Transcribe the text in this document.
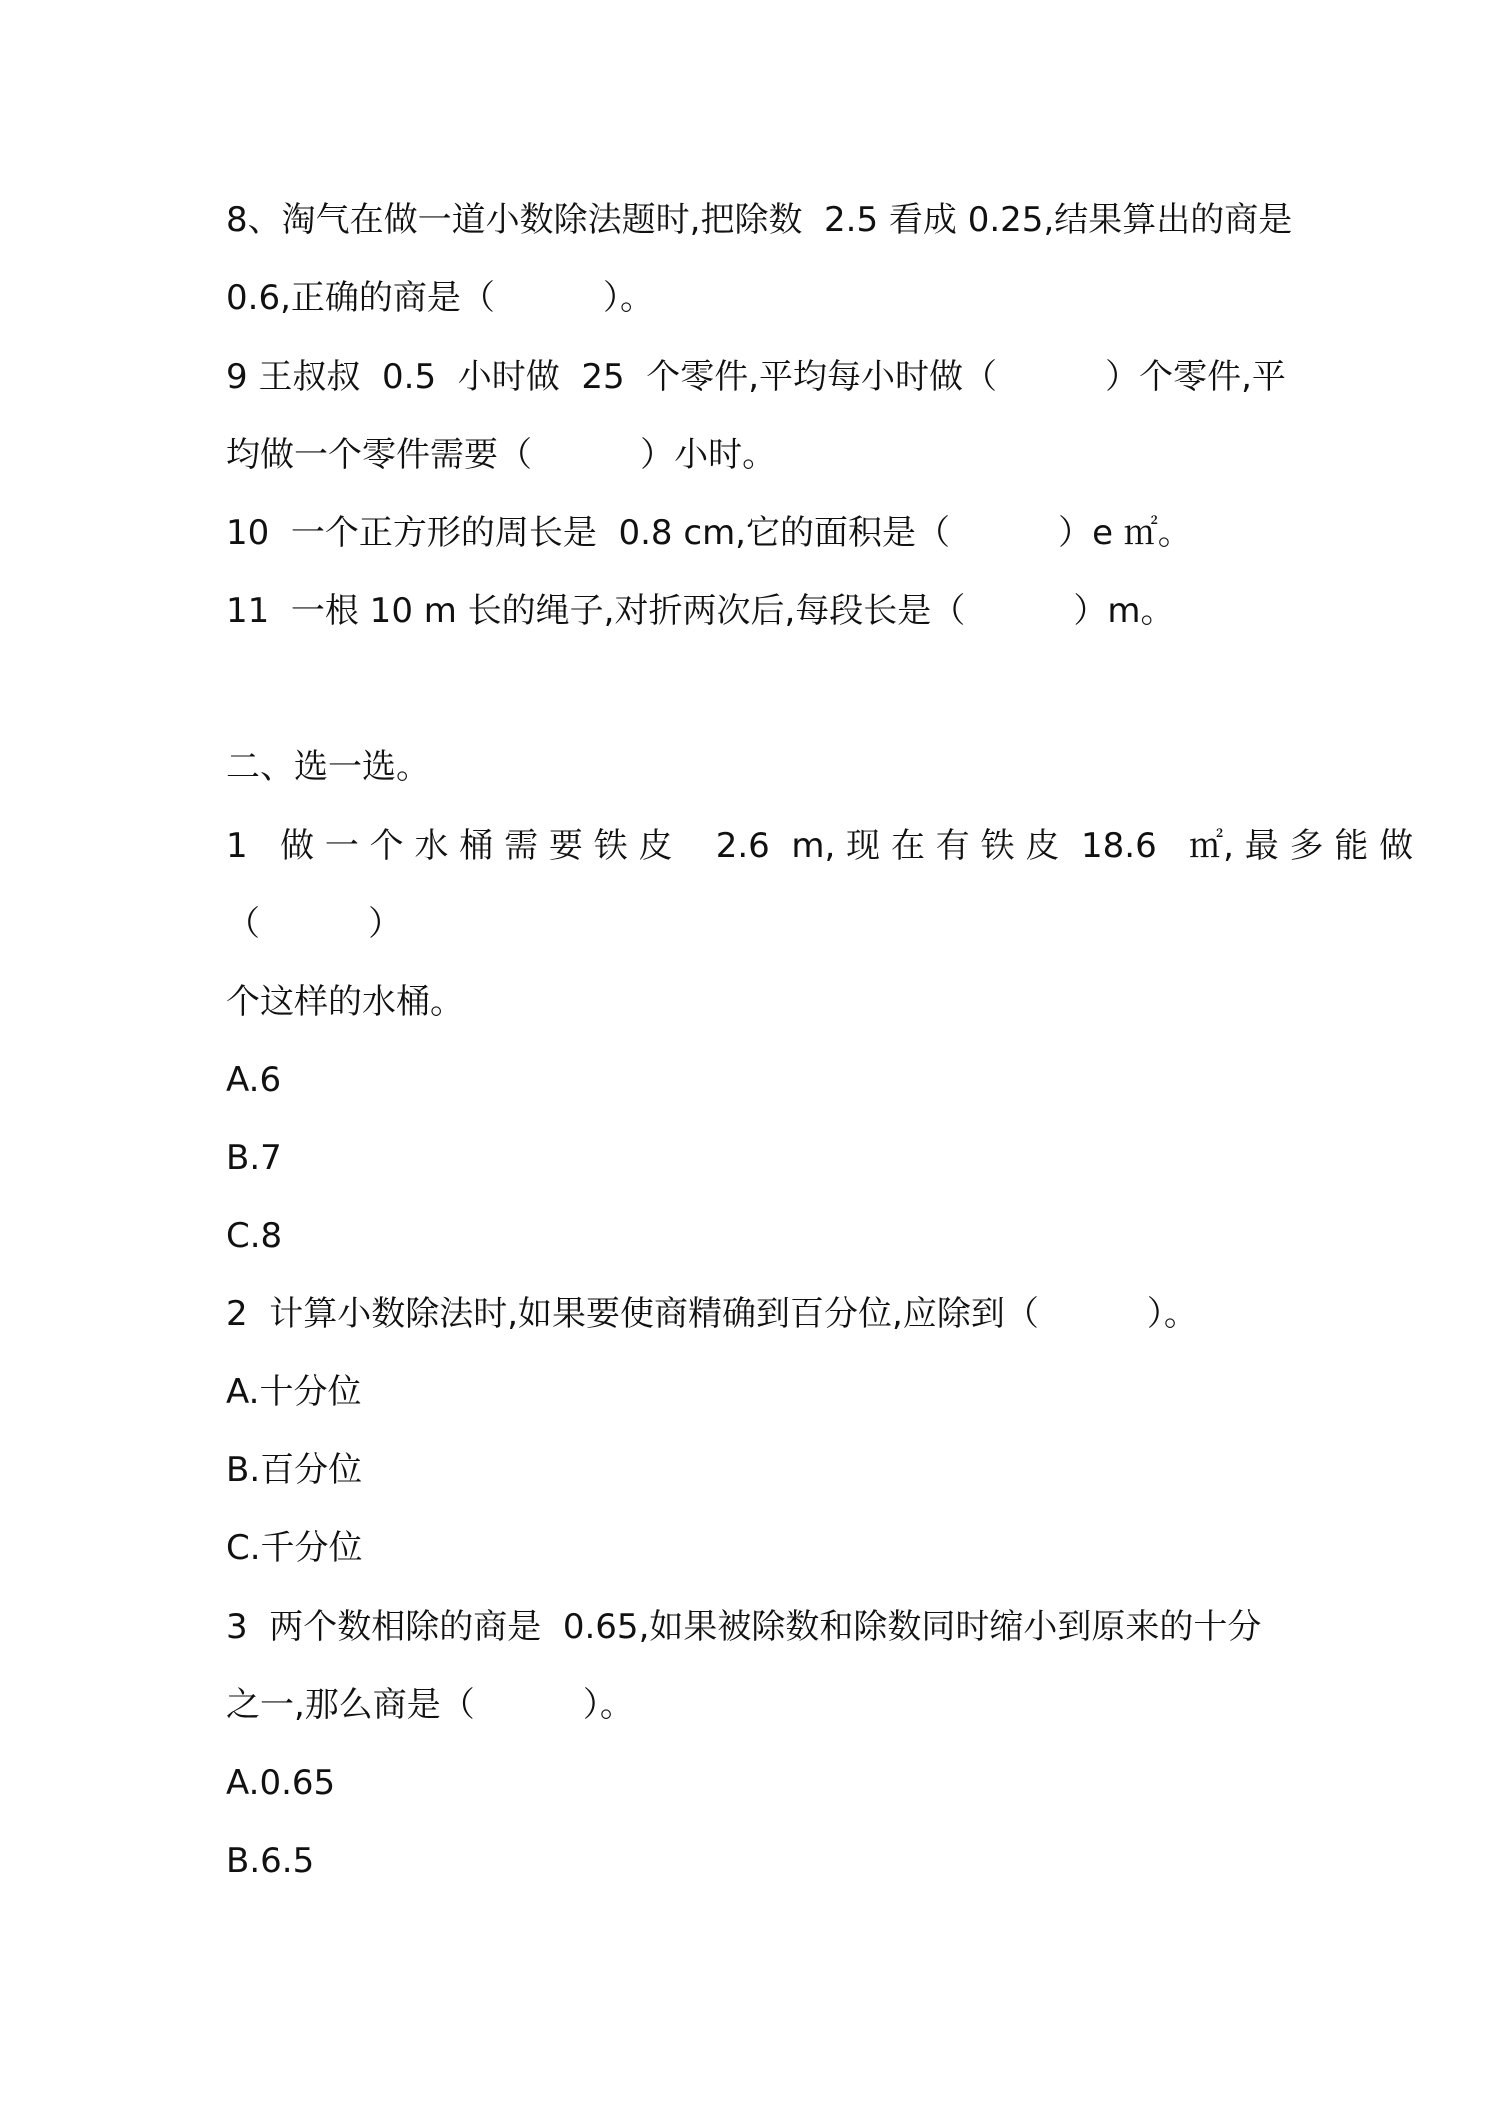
8、淘气在做一道小数除法题时,把除数  2.5 看成 0.25,结果算出的商是
0.6,正确的商是（          ）。
9 王叔叔  0.5  小时做  25  个零件,平均每小时做（          ）个零件,平
均做一个零件需要（          ）小时。
10  一个正方形的周长是  0.8 cm,它的面积是（          ）e ㎡。
11  一根 10 m 长的绳子,对折两次后,每段长是（          ）m。
二、选一选。
1   做 一 个 水 桶 需 要 铁 皮    2.6  m, 现 在 有 铁 皮  18.6   ㎡, 最 多 能 做
（          ）
个这样的水桶。
A.6
B.7
C.8
2  计算小数除法时,如果要使商精确到百分位,应除到（          ）。
A.十分位
B.百分位
C.千分位
3  两个数相除的商是  0.65,如果被除数和除数同时缩小到原来的十分
之一,那么商是（          ）。
A.0.65
B.6.5
